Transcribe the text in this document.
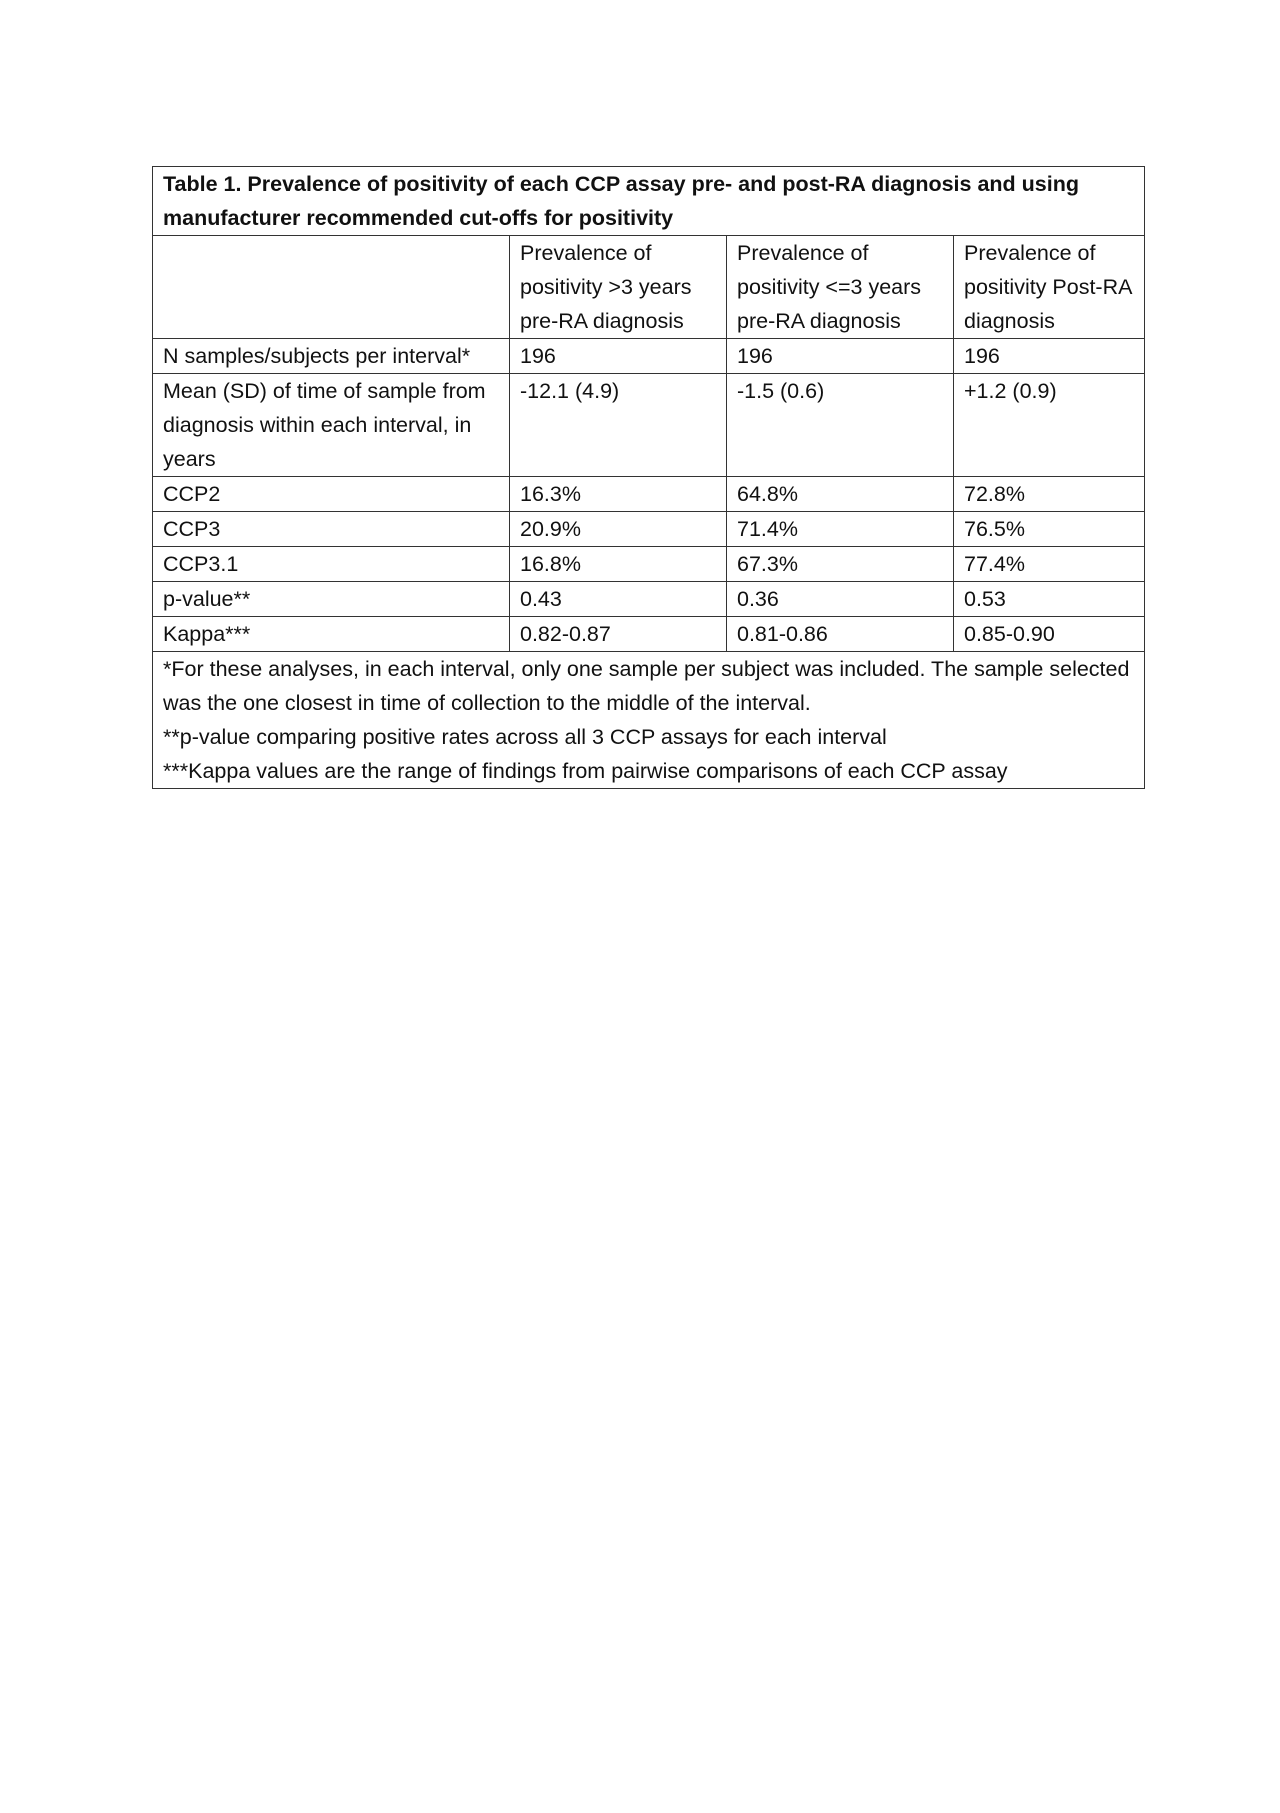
Table 1. Prevalence of positivity of each CCP assay pre- and post-RA diagnosis and using manufacturer recommended cut-offs for positivity			
	Prevalence of positivity >3 years pre-RA diagnosis	Prevalence of positivity <=3 years pre-RA diagnosis	Prevalence of positivity Post-RA diagnosis
N samples/subjects per interval*	196	196	196
Mean (SD) of time of sample from diagnosis within each interval, in years	-12.1 (4.9)	-1.5 (0.6)	+1.2 (0.9)
CCP2	16.3%	64.8%	72.8%
CCP3	20.9%	71.4%	76.5%
CCP3.1	16.8%	67.3%	77.4%
p-value**	0.43	0.36	0.53
Kappa***	0.82-0.87	0.81-0.86	0.85-0.90

*For these analyses, in each interval, only one sample per subject was included. The sample selected was the one closest in time of collection to the middle of the interval.
**p-value comparing positive rates across all 3 CCP assays for each interval
***Kappa values are the range of findings from pairwise comparisons of each CCP assay			
